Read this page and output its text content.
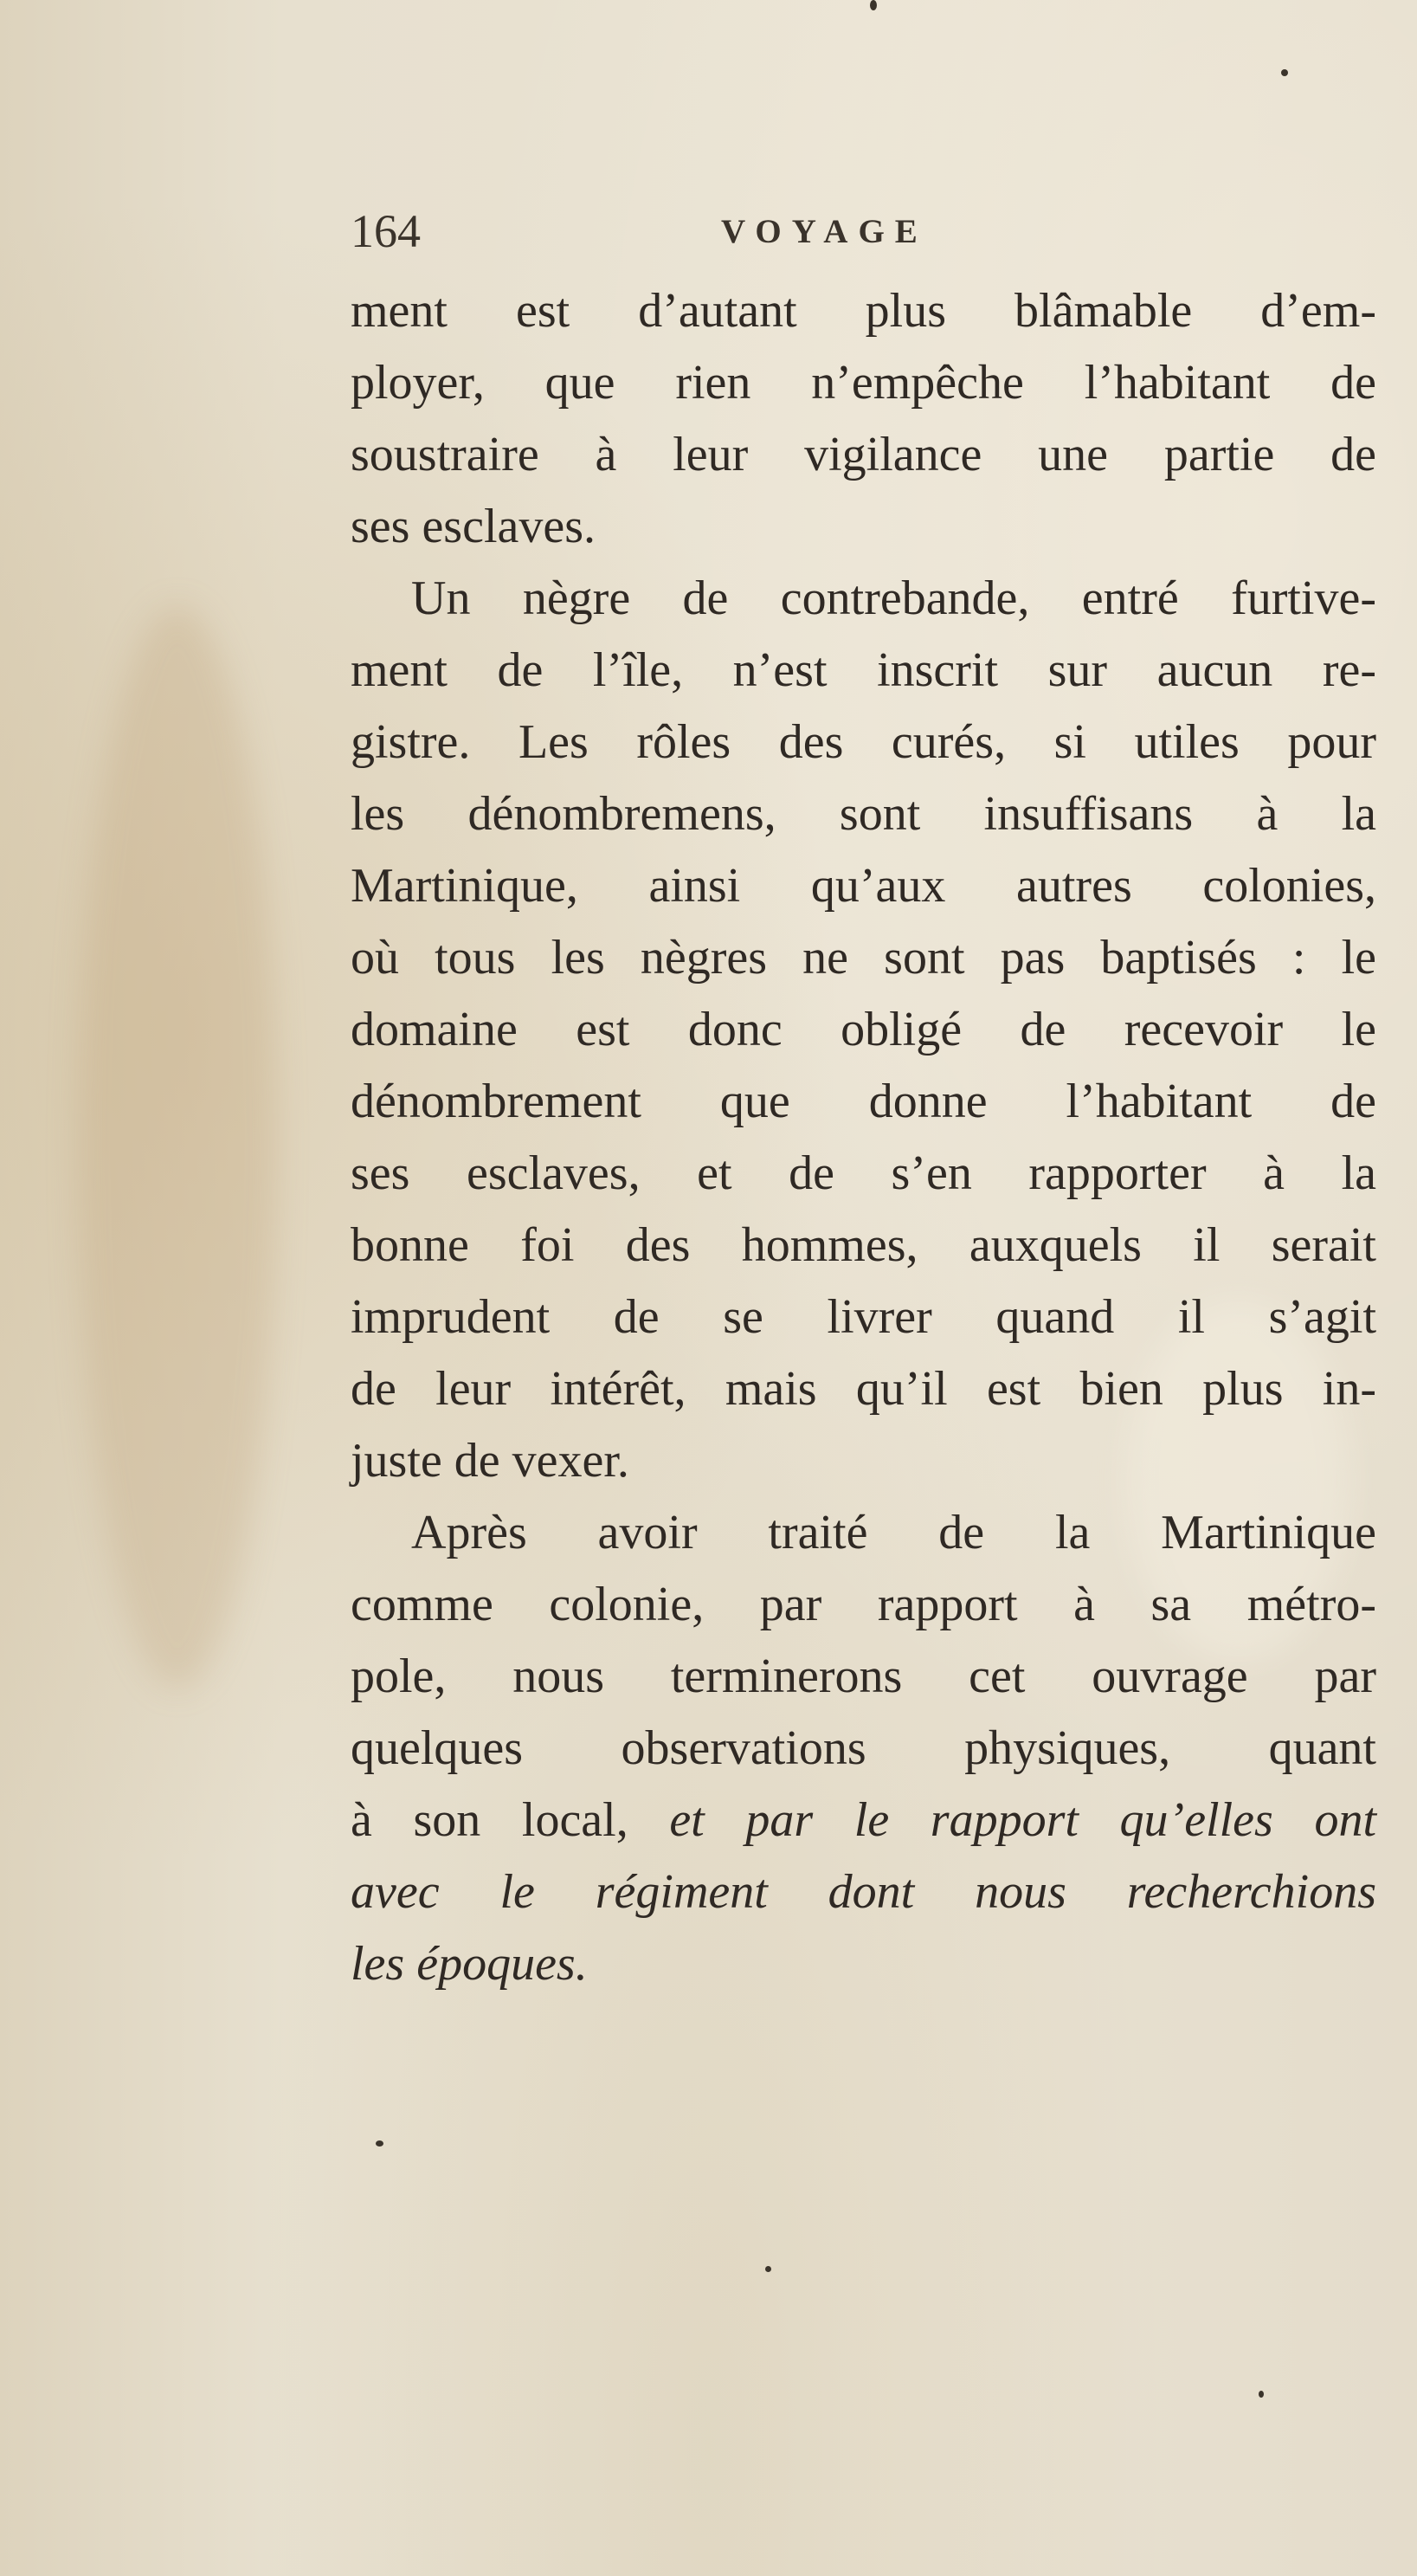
164	VOYAGE
ment est d’autant plus blâmable d’em-
ployer, que rien n’empêche l’habitant de
soustraire à leur vigilance une partie de
ses esclaves.
Un nègre de contrebande, entré furtive-
ment de l’île, n’est inscrit sur aucun re-
gistre. Les rôles des curés, si utiles pour
les dénombremens, sont insuffisans à la
Martinique, ainsi qu’aux autres colonies,
où tous les nègres ne sont pas baptisés : le
domaine est donc obligé de recevoir le
dénombrement que donne l’habitant de
ses esclaves, et de s’en rapporter à la
bonne foi des hommes, auxquels il serait
imprudent de se livrer quand il s’agit
de leur intérêt, mais qu’il est bien plus in-
juste de vexer.
Après avoir traité de la Martinique
comme colonie, par rapport à sa métro-
pole, nous terminerons cet ouvrage par
quelques observations physiques, quant
à son local, et par le rapport qu’elles ont
avec le régiment dont nous recherchions
les époques.
